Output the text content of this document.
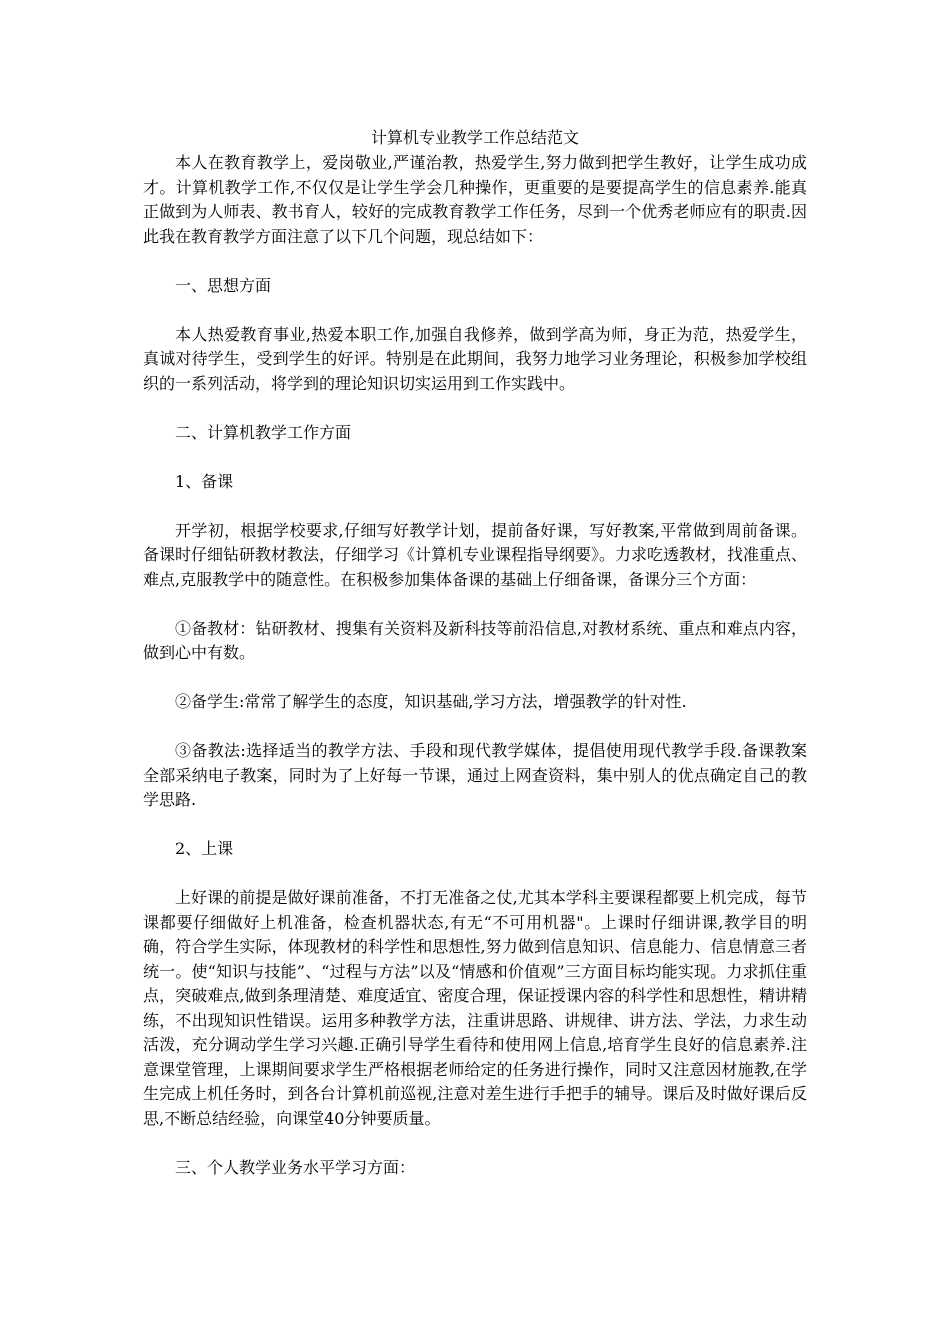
计算机专业教学工作总结范文

本人在教育教学上，爱岗敬业,严谨治教，热爱学生,努力做到把学生教好，让学生成功成才。计算机教学工作,不仅仅是让学生学会几种操作，更重要的是要提高学生的信息素养.能真正做到为人师表、教书育人，较好的完成教育教学工作任务，尽到一个优秀老师应有的职责.因此我在教育教学方面注意了以下几个问题，现总结如下：

一、思想方面

本人热爱教育事业,热爱本职工作,加强自我修养，做到学高为师，身正为范，热爱学生，真诚对待学生，受到学生的好评。特别是在此期间，我努力地学习业务理论，积极参加学校组织的一系列活动，将学到的理论知识切实运用到工作实践中。

二、计算机教学工作方面

1、备课

开学初，根据学校要求,仔细写好教学计划，提前备好课，写好教案,平常做到周前备课。备课时仔细钻研教材教法，仔细学习《计算机专业课程指导纲要》。力求吃透教材，找准重点、难点,克服教学中的随意性。在积极参加集体备课的基础上仔细备课，备课分三个方面：

①备教材：钻研教材、搜集有关资料及新科技等前沿信息,对教材系统、重点和难点内容，做到心中有数。

②备学生:常常了解学生的态度，知识基础,学习方法，增强教学的针对性.

③备教法:选择适当的教学方法、手段和现代教学媒体，提倡使用现代教学手段.备课教案全部采纳电子教案，同时为了上好每一节课，通过上网查资料，集中别人的优点确定自己的教学思路.

2、上课

上好课的前提是做好课前准备，不打无准备之仗,尤其本学科主要课程都要上机完成，每节课都要仔细做好上机准备，检查机器状态,有无“不可用机器"。上课时仔细讲课,教学目的明确，符合学生实际，体现教材的科学性和思想性,努力做到信息知识、信息能力、信息情意三者统一。使“知识与技能”、“过程与方法”以及“情感和价值观”三方面目标均能实现。力求抓住重点，突破难点,做到条理清楚、难度适宜、密度合理，保证授课内容的科学性和思想性，精讲精练，不出现知识性错误。运用多种教学方法，注重讲思路、讲规律、讲方法、学法，力求生动活泼，充分调动学生学习兴趣.正确引导学生看待和使用网上信息,培育学生良好的信息素养.注意课堂管理，上课期间要求学生严格根据老师给定的任务进行操作，同时又注意因材施教,在学生完成上机任务时，到各台计算机前巡视,注意对差生进行手把手的辅导。课后及时做好课后反思,不断总结经验，向课堂40分钟要质量。

三、个人教学业务水平学习方面：
